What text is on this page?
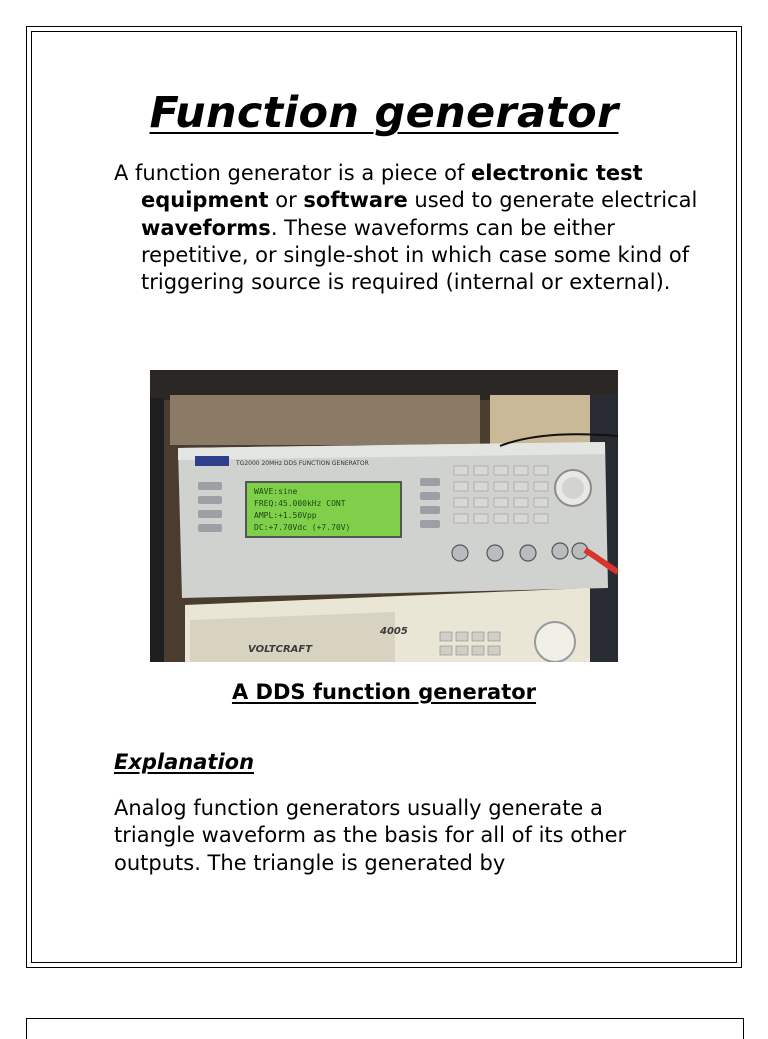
Function generator

A function generator is a piece of electronic test equipment or software used to generate electrical waveforms. These waveforms can be either repetitive, or single-shot in which case some kind of triggering source is required (internal or external).

TG2000 20MHz DDS FUNCTION GENERATOR
WAVE:sine
FREQ:45.000kHz CONT
AMPL:+1.50Vpp
DC:+7.70Vdc (+7.70V)
VOLTCRAFT
4005
A DDS function generator
Explanation

Analog function generators usually generate a triangle waveform as the basis for all of its other outputs. The triangle is generated by
